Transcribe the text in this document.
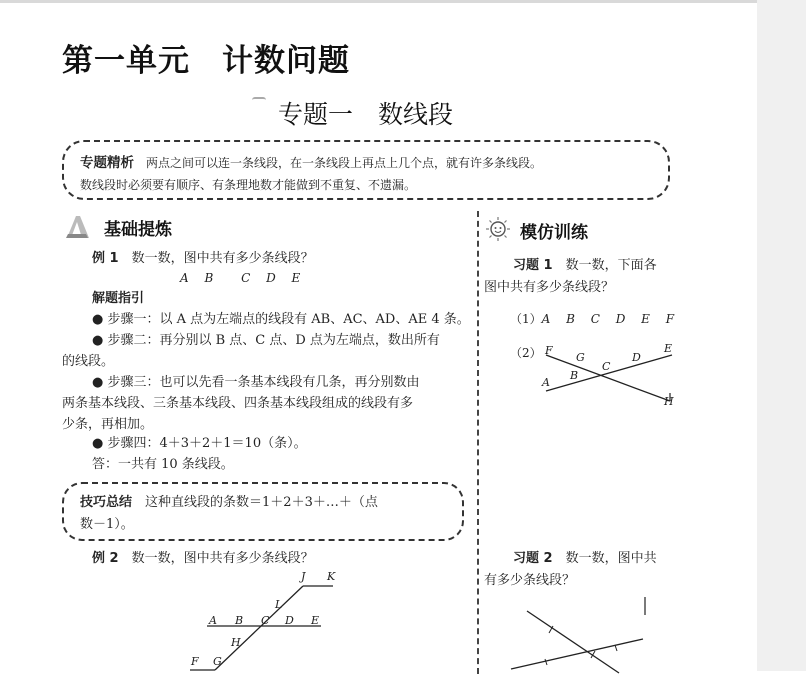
第一单元　计数问题
专题一　数线段
专题精析 两点之间可以连一条线段，在一条线段上再点上几个点，就有许多条线段。
数线段时必须要有顺序、有条理地数才能做到不重复、不遗漏。
基础提炼
例 1　 数一数，图中共有多少条线段？
A　 B　　 C　 D　 E
解题指引
● 步骤一：以 A 点为左端点的线段有 AB、AC、AD、AE 4 条。
● 步骤二：再分别以 B 点、C 点、D 点为左端点，数出所有
的线段。
● 步骤三：也可以先看一条基本线段有几条，再分别数由
两条基本线段、三条基本线段、四条基本线段组成的线段有多
少条，再相加。
● 步骤四：4＋3＋2＋1＝10（条）。
答：一共有 10 条线段。
技巧总结　 这种直线段的条数＝1＋2＋3＋…＋（点
数－1）。
例 2　 数一数，图中共有多少条线段？
J K
L
A B C D E
H
F G
模仿训练
习题 1　 数一数，下面各
图中共有多少条线段？
（1）A　 B　 C　 D　 E　 F
（2） F
G
C
D
E
A
B
H
习题 2　 数一数，图中共
有多少条线段？
